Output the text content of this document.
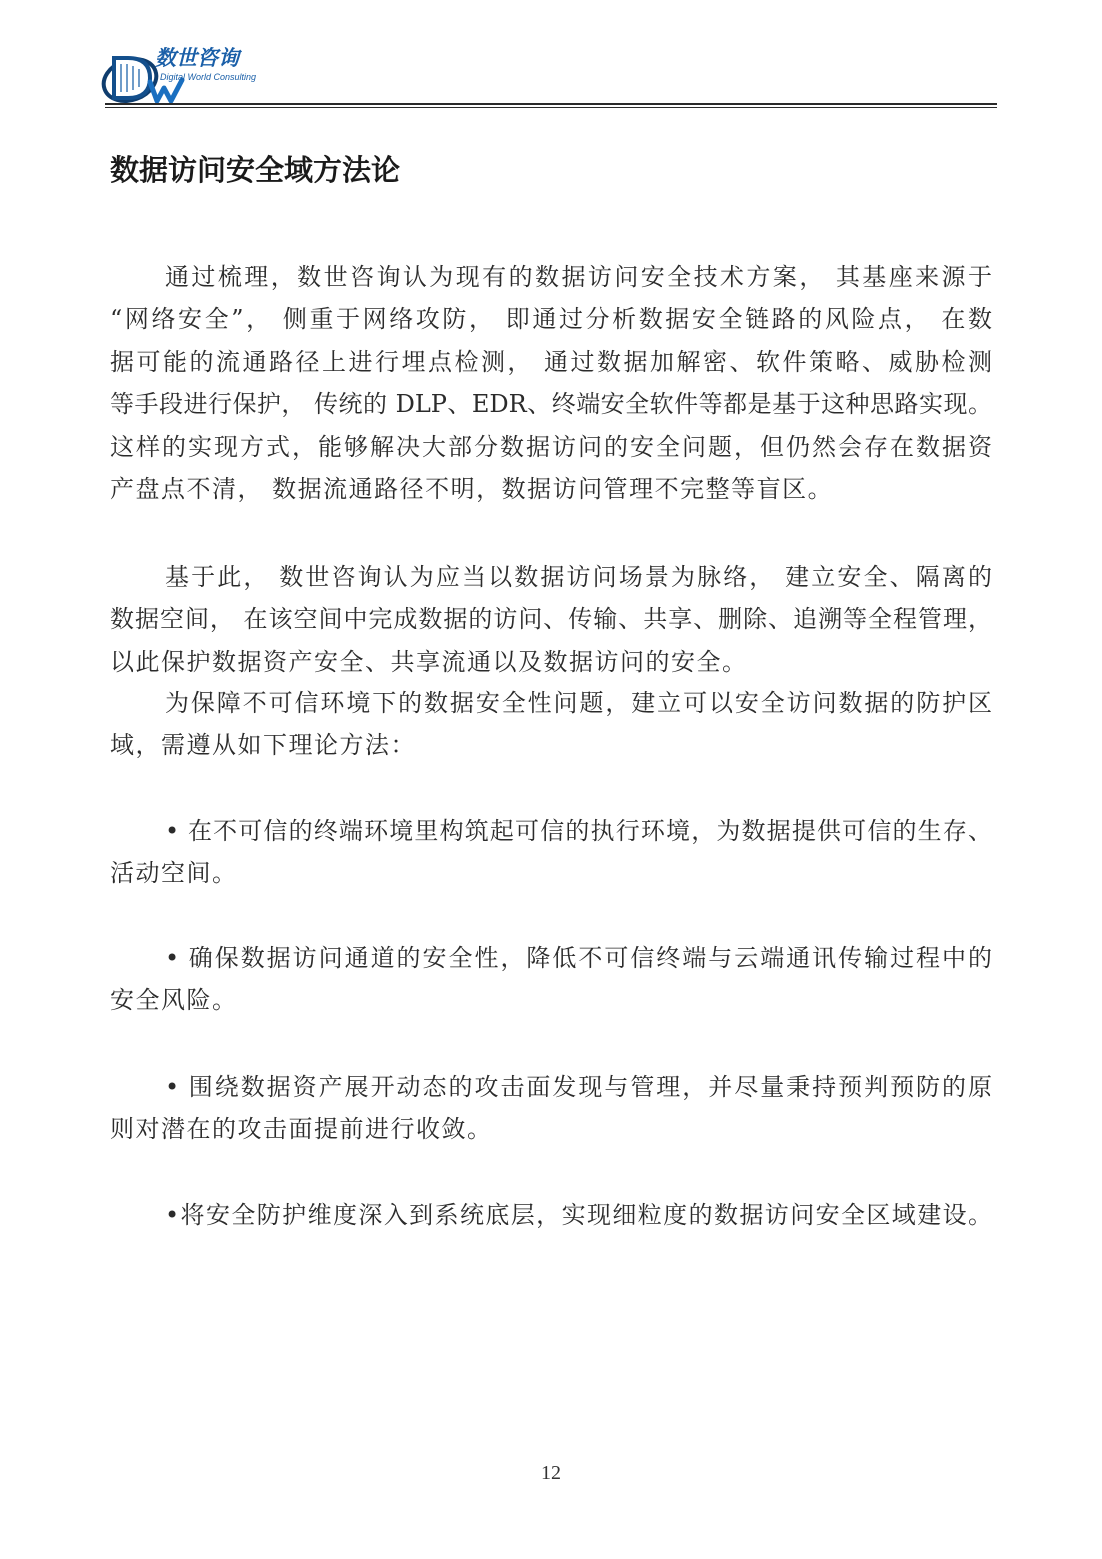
数世咨询
Digital World Consulting
数据访问安全域方法论
通过梳理，数世咨询认为现有的数据访问安全技术方案， 其基座来源于
“网络安全”， 侧重于网络攻防， 即通过分析数据安全链路的风险点， 在数
据可能的流通路径上进行埋点检测， 通过数据加解密、软件策略、威胁检测
等手段进行保护， 传统的 DLP、EDR、终端安全软件等都是基于这种思路实现。
这样的实现方式，能够解决大部分数据访问的安全问题，但仍然会存在数据资
产盘点不清， 数据流通路径不明，数据访问管理不完整等盲区。
基于此， 数世咨询认为应当以数据访问场景为脉络， 建立安全、隔离的
数据空间， 在该空间中完成数据的访问、传输、共享、删除、追溯等全程管理，
以此保护数据资产安全、共享流通以及数据访问的安全。
为保障不可信环境下的数据安全性问题，建立可以安全访问数据的防护区
域，需遵从如下理论方法：
• 在不可信的终端环境里构筑起可信的执行环境，为数据提供可信的生存、
活动空间。
• 确保数据访问通道的安全性，降低不可信终端与云端通讯传输过程中的
安全风险。
• 围绕数据资产展开动态的攻击面发现与管理，并尽量秉持预判预防的原
则对潜在的攻击面提前进行收敛。
•将安全防护维度深入到系统底层，实现细粒度的数据访问安全区域建设。
12
